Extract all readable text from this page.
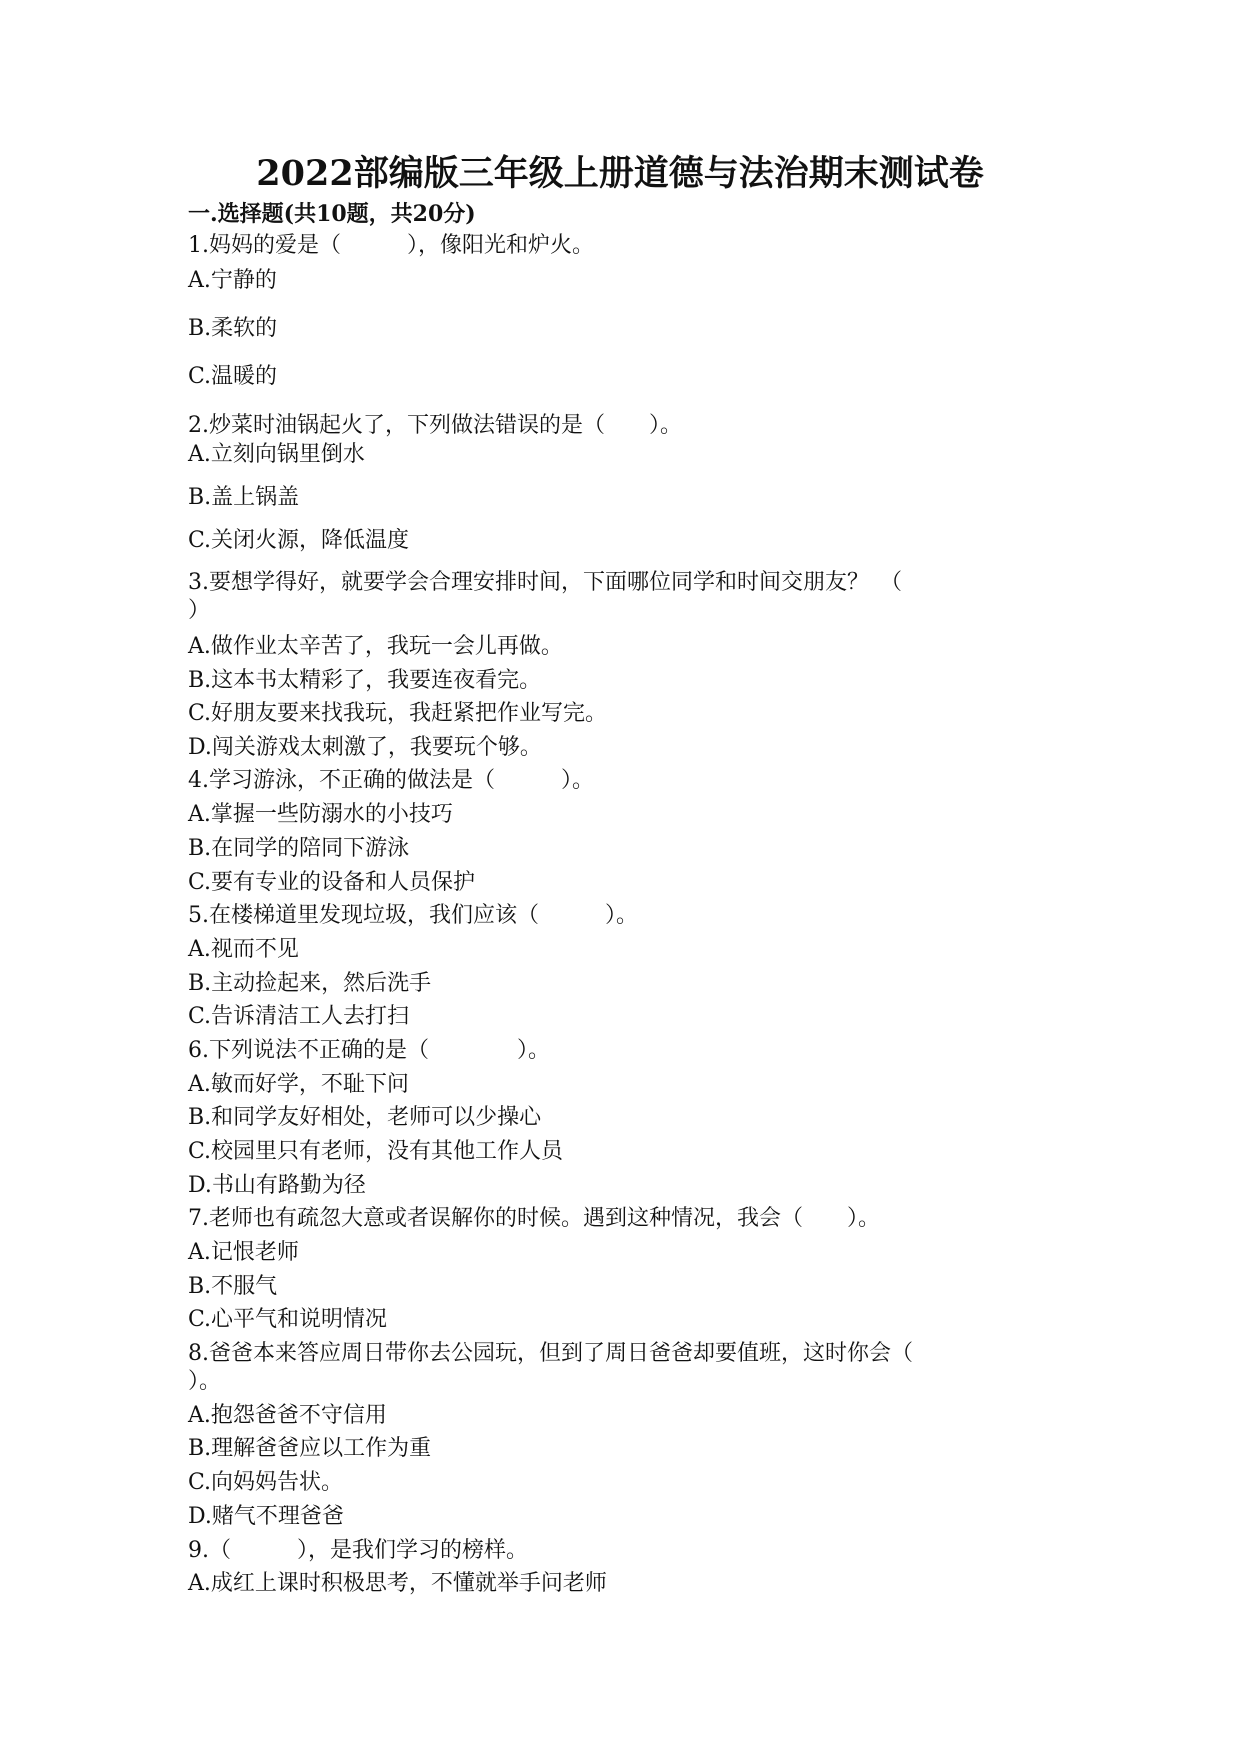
2022部编版三年级上册道德与法治期末测试卷
一.选择题(共10题，共20分)
1.妈妈的爱是（　　　），像阳光和炉火。
A.宁静的
B.柔软的
C.温暖的
2.炒菜时油锅起火了，下列做法错误的是（　　）。
A.立刻向锅里倒水
B.盖上锅盖
C.关闭火源，降低温度
3.要想学得好，就要学会合理安排时间，下面哪位同学和时间交朋友？　（
）
A.做作业太辛苦了，我玩一会儿再做。
B.这本书太精彩了，我要连夜看完。
C.好朋友要来找我玩，我赶紧把作业写完。
D.闯关游戏太刺激了，我要玩个够。
4.学习游泳，不正确的做法是（　　　）。
A.掌握一些防溺水的小技巧
B.在同学的陪同下游泳
C.要有专业的设备和人员保护
5.在楼梯道里发现垃圾，我们应该（　　　）。
A.视而不见
B.主动捡起来，然后洗手
C.告诉清洁工人去打扫
6.下列说法不正确的是（　　　　）。
A.敏而好学，不耻下问
B.和同学友好相处，老师可以少操心
C.校园里只有老师，没有其他工作人员
D.书山有路勤为径
7.老师也有疏忽大意或者误解你的时候。遇到这种情况，我会（　　）。
A.记恨老师
B.不服气
C.心平气和说明情况
8.爸爸本来答应周日带你去公园玩，但到了周日爸爸却要值班，这时你会（
）。
A.抱怨爸爸不守信用
B.理解爸爸应以工作为重
C.向妈妈告状。
D.赌气不理爸爸
9.（　　　），是我们学习的榜样。
A.成红上课时积极思考，不懂就举手问老师
